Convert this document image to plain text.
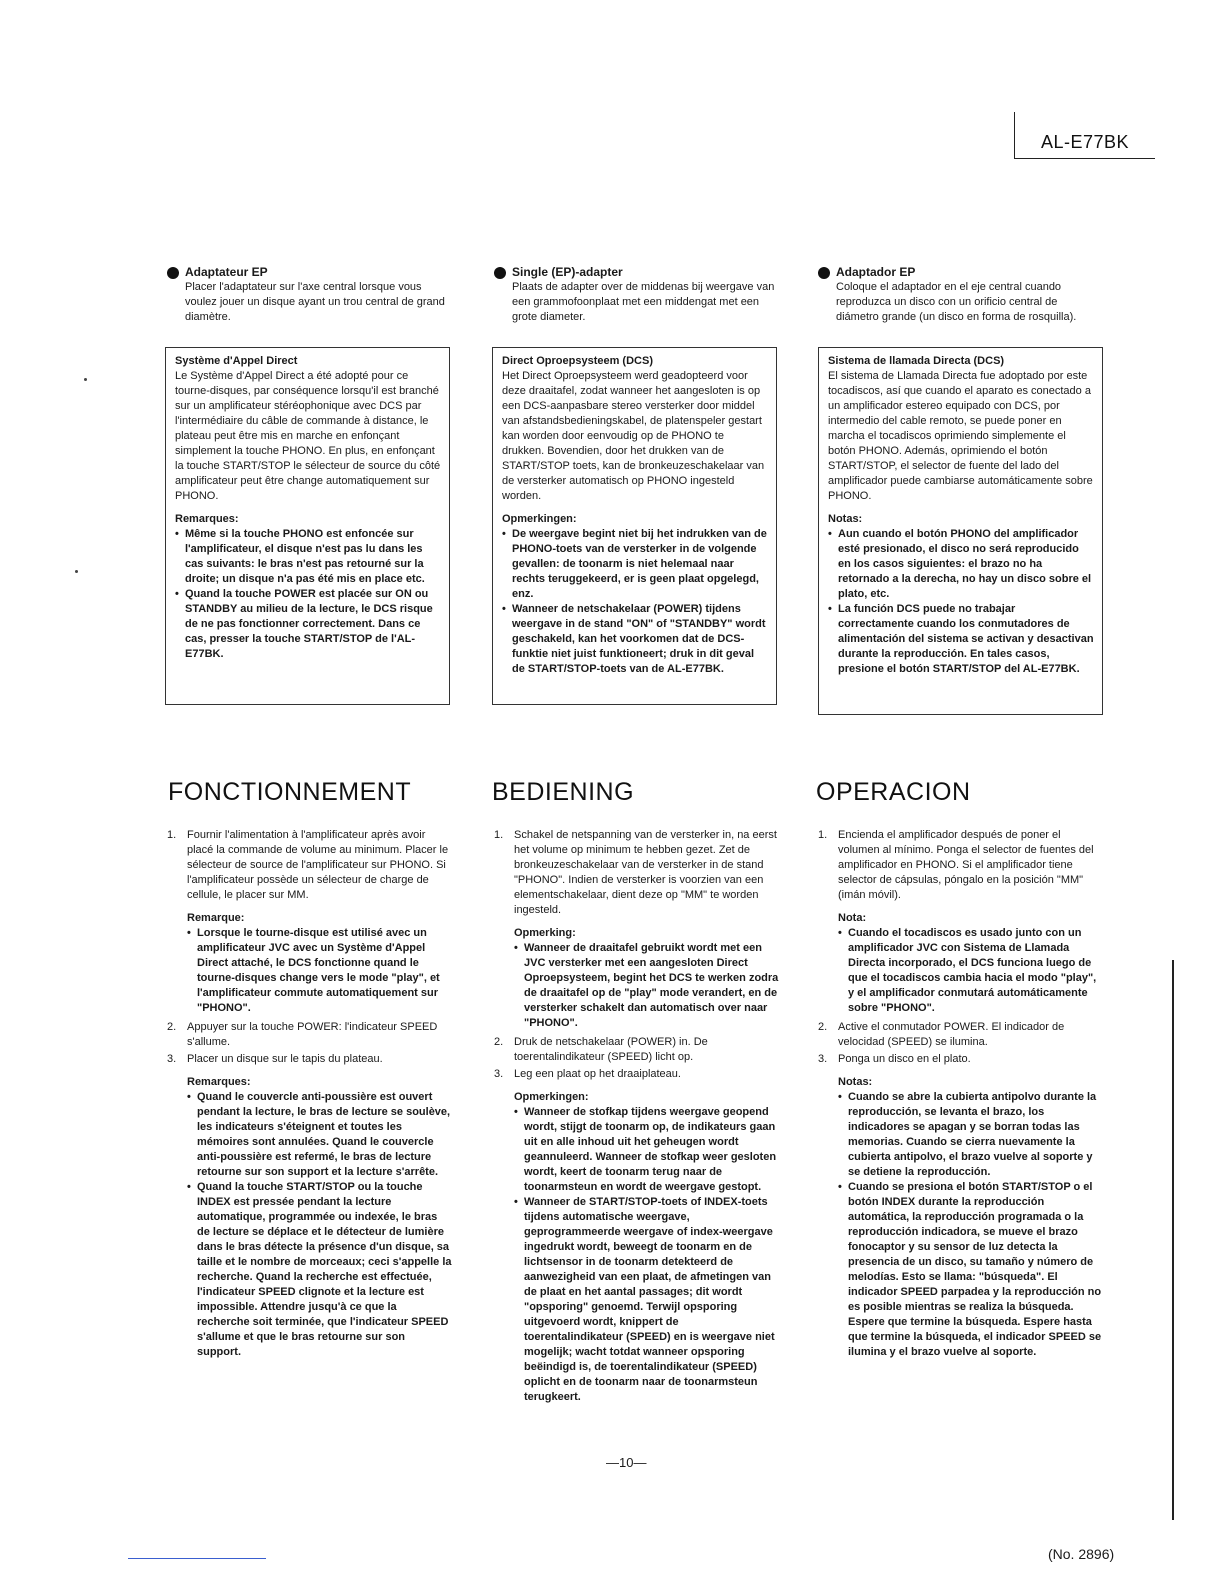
AL-E77BK
Adaptateur EP
Placer l'adaptateur sur l'axe central lorsque vous voulez jouer un disque ayant un trou central de grand diamètre.
Single (EP)-adapter
Plaats de adapter over de middenas bij weergave van een grammofoonplaat met een middengat met een grote diameter.
Adaptador EP
Coloque el adaptador en el eje central cuando reproduzca un disco con un orificio central de diámetro grande (un disco en forma de rosquilla).
Système d'Appel Direct

Le Système d'Appel Direct a été adopté pour ce tourne-disques, par conséquence lorsqu'il est branché sur un amplificateur stéréophonique avec DCS par l'intermédiaire du câble de commande à distance, le plateau peut être mis en marche en enfonçant simplement la touche PHONO. En plus, en enfonçant la touche START/STOP le sélecteur de source du côté amplificateur peut être change automatiquement sur PHONO.

Remarques:
• Même si la touche PHONO est enfoncée sur l'amplificateur, el disque n'est pas lu dans les cas suivants: le bras n'est pas retourné sur la droite; un disque n'a pas été mis en place etc.
• Quand la touche POWER est placée sur ON ou STANDBY au milieu de la lecture, le DCS risque de ne pas fonctionner correctement. Dans ce cas, presser la touche START/STOP de l'AL-E77BK.
Direct Oproepsysteem (DCS)

Het Direct Oproepsysteem werd geadopteerd voor deze draaitafel, zodat wanneer het aangesloten is op een DCS-aanpasbare stereo versterker door middel van afstandsbedieningskabel, de platenspeler gestart kan worden door eenvoudig op de PHONO te drukken. Bovendien, door het drukken van de START/STOP toets, kan de bronkeuzeschakelaar van de versterker automatisch op PHONO ingesteld worden.

Opmerkingen:
• De weergave begint niet bij het indrukken van de PHONO-toets van de versterker in de volgende gevallen: de toonarm is niet helemaal naar rechts teruggekeerd, er is geen plaat opgelegd, enz.
• Wanneer de netschakelaar (POWER) tijdens weergave in de stand "ON" of "STANDBY" wordt geschakeld, kan het voorkomen dat de DCS-funktie niet juist funktioneert; druk in dit geval de START/STOP-toets van de AL-E77BK.
Sistema de llamada Directa (DCS)

El sistema de Llamada Directa fue adoptado por este tocadiscos, así que cuando el aparato es conectado a un amplificador estereo equipado con DCS, por intermedio del cable remoto, se puede poner en marcha el tocadiscos oprimiendo simplemente el botón PHONO. Además, oprimiendo el botón START/STOP, el selector de fuente del lado del amplificador puede cambiarse automáticamente sobre PHONO.

Notas:
• Aun cuando el botón PHONO del amplificador esté presionado, el disco no será reproducido en los casos siguientes: el brazo no ha retornado a la derecha, no hay un disco sobre el plato, etc.
• La función DCS puede no trabajar correctamente cuando los conmutadores de alimentación del sistema se activan y desactivan durante la reproducción. En tales casos, presione el botón START/STOP del AL-E77BK.
FONCTIONNEMENT	BEDIENING	OPERACION
1. Fournir l'alimentation à l'amplificateur après avoir placé la commande de volume au minimum. Placer le sélecteur de source de l'amplificateur sur PHONO. Si l'amplificateur possède un sélecteur de charge de cellule, le placer sur MM.
Remarque:
• Lorsque le tourne-disque est utilisé avec un amplificateur JVC avec un Système d'Appel Direct attaché, le DCS fonctionne quand le tourne-disques change vers le mode "play", et l'amplificateur commute automatiquement sur "PHONO".
2. Appuyer sur la touche POWER: l'indicateur SPEED s'allume.
3. Placer un disque sur le tapis du plateau.
Remarques:
• Quand le couvercle anti-poussière est ouvert pendant la lecture, le bras de lecture se soulève, les indicateurs s'éteignent et toutes les mémoires sont annulées. Quand le couvercle anti-poussière est refermé, le bras de lecture retourne sur son support et la lecture s'arrête.
• Quand la touche START/STOP ou la touche INDEX est pressée pendant la lecture automatique, programmée ou indexée, le bras de lecture se déplace et le détecteur de lumière dans le bras détecte la présence d'un disque, sa taille et le nombre de morceaux; ceci s'appelle la recherche. Quand la recherche est effectuée, l'indicateur SPEED clignote et la lecture est impossible. Attendre jusqu'à ce que la recherche soit terminée, que l'indicateur SPEED s'allume et que le bras retourne sur son support.
1. Schakel de netspanning van de versterker in, na eerst het volume op minimum te hebben gezet. Zet de bronkeuzeschakelaar van de versterker in de stand "PHONO". Indien de versterker is voorzien van een elementschakelaar, dient deze op "MM" te worden ingesteld.
Opmerking:
• Wanneer de draaitafel gebruikt wordt met een JVC versterker met een aangesloten Direct Oproepsysteem, begint het DCS te werken zodra de draaitafel op de "play" mode verandert, en de versterker schakelt dan automatisch over naar "PHONO".
2. Druk de netschakelaar (POWER) in. De toerentalindikateur (SPEED) licht op.
3. Leg een plaat op het draaiplateau.
Opmerkingen:
• Wanneer de stofkap tijdens weergave geopend wordt, stijgt de toonarm op, de indikateurs gaan uit en alle inhoud uit het geheugen wordt geannuleerd. Wanneer de stofkap weer gesloten wordt, keert de toonarm terug naar de toonarmsteun en wordt de weergave gestopt.
• Wanneer de START/STOP-toets of INDEX-toets tijdens automatische weergave, geprogrammeerde weergave of index-weergave ingedrukt wordt, beweegt de toonarm en de lichtsensor in de toonarm detekteerd de aanwezigheid van een plaat, de afmetingen van de plaat en het aantal passages; dit wordt "opsporing" genoemd. Terwijl opsporing uitgevoerd wordt, knippert de toerentalindikateur (SPEED) en is weergave niet mogelijk; wacht totdat wanneer opsporing beëindigd is, de toerentalindikateur (SPEED) oplicht en de toonarm naar de toonarmsteun terugkeert.
1. Encienda el amplificador después de poner el volumen al mínimo. Ponga el selector de fuentes del amplificador en PHONO. Si el amplificador tiene selector de cápsulas, póngalo en la posición "MM" (imán móvil).
Nota:
• Cuando el tocadiscos es usado junto con un amplificador JVC con Sistema de Llamada Directa incorporado, el DCS funciona luego de que el tocadiscos cambia hacia el modo "play", y el amplificador conmutará automáticamente sobre "PHONO".
2. Active el conmutador POWER. El indicador de velocidad (SPEED) se ilumina.
3. Ponga un disco en el plato.
Notas:
• Cuando se abre la cubierta antipolvo durante la reproducción, se levanta el brazo, los indicadores se apagan y se borran todas las memorias. Cuando se cierra nuevamente la cubierta antipolvo, el brazo vuelve al soporte y se detiene la reproducción.
• Cuando se presiona el botón START/STOP o el botón INDEX durante la reproducción automática, la reproducción programada o la reproducción indicadora, se mueve el brazo fonocaptor y su sensor de luz detecta la presencia de un disco, su tamaño y número de melodías. Esto se llama: "búsqueda". El indicador SPEED parpadea y la reproducción no es posible mientras se realiza la búsqueda. Espere que termine la búsqueda. Espere hasta que termine la búsqueda, el indicador SPEED se ilumina y el brazo vuelve al soporte.
—10—
(No. 2896)
